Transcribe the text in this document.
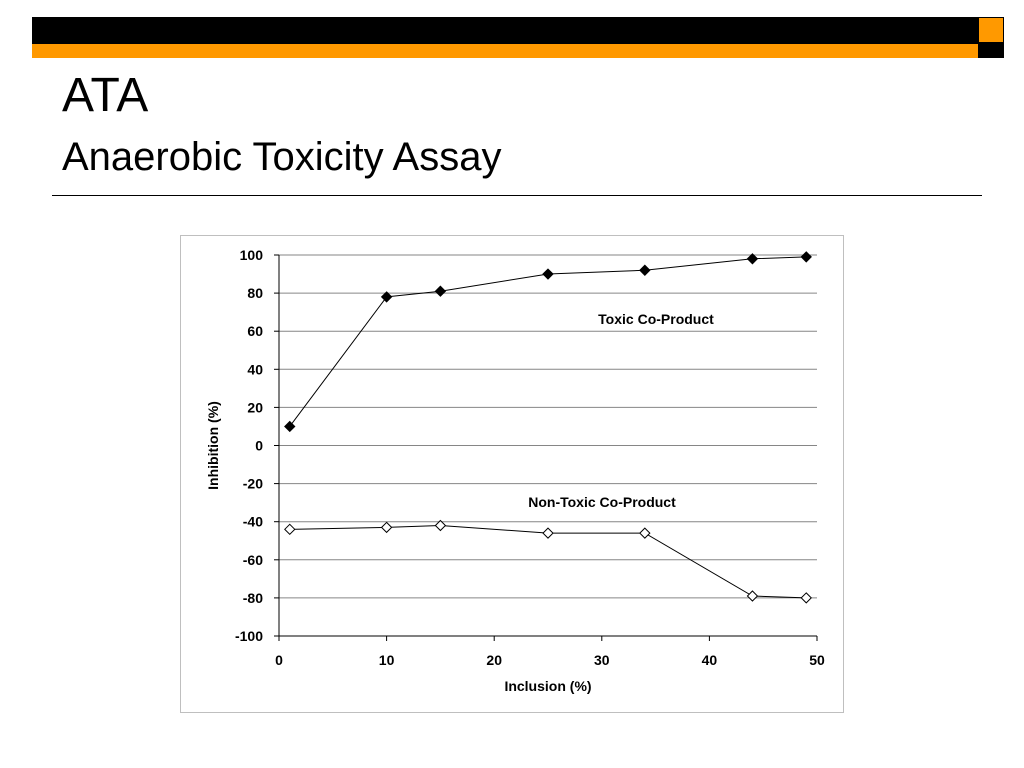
ATA
Anaerobic Toxicity Assay
100
80
60
40
20
0
-20
-40
-60
-80
-100
0	10	20	30	40	50
Toxic Co-Product
Non-Toxic Co-Product
Inclusion (%)
Inhibition (%)
